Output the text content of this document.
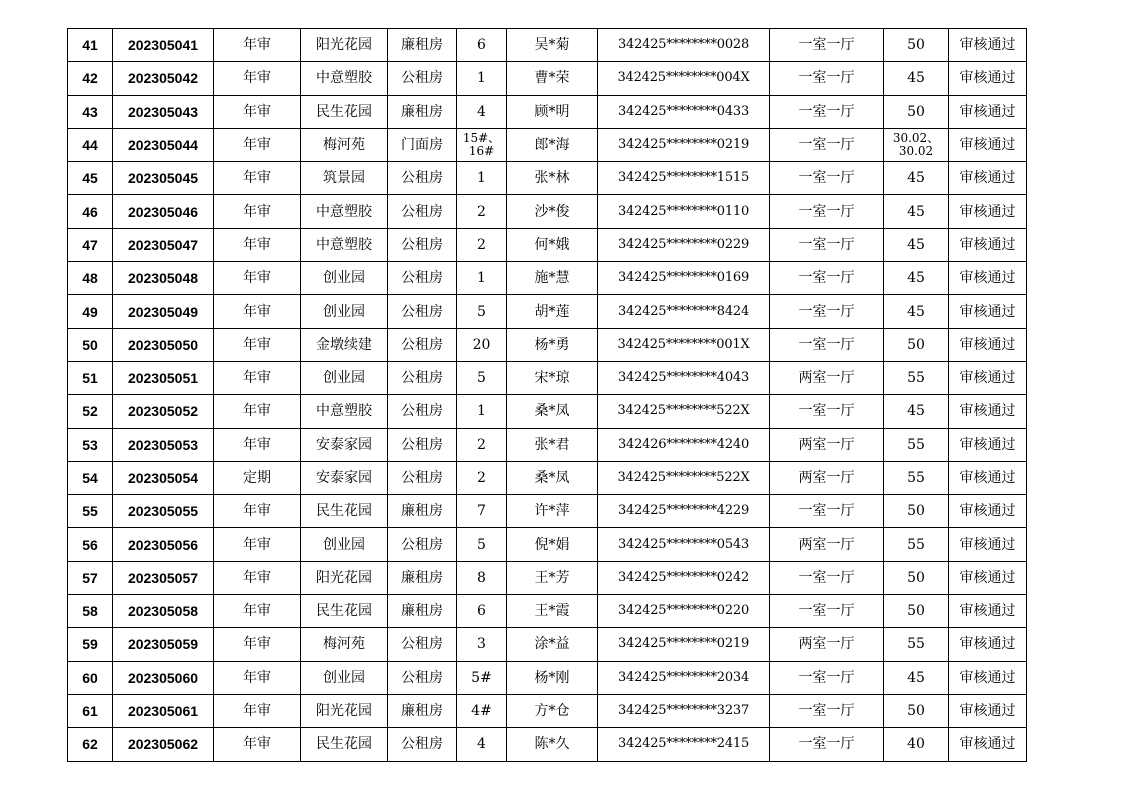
41	202305041	年审	阳光花园	廉租房	6	吴*菊	342425********0028	一室一厅	50	审核通过
42	202305042	年审	中意塑胶	公租房	1	曹*荣	342425********004X	一室一厅	45	审核通过
43	202305043	年审	民生花园	廉租房	4	顾*明	342425********0433	一室一厅	50	审核通过
44	202305044	年审	梅河苑	门面房	15#、16#	郎*海	342425********0219	一室一厅	30.02、30.02	审核通过
45	202305045	年审	筑景园	公租房	1	张*林	342425********1515	一室一厅	45	审核通过
46	202305046	年审	中意塑胶	公租房	2	沙*俊	342425********0110	一室一厅	45	审核通过
47	202305047	年审	中意塑胶	公租房	2	何*娥	342425********0229	一室一厅	45	审核通过
48	202305048	年审	创业园	公租房	1	施*慧	342425********0169	一室一厅	45	审核通过
49	202305049	年审	创业园	公租房	5	胡*莲	342425********8424	一室一厅	45	审核通过
50	202305050	年审	金墩续建	公租房	20	杨*勇	342425********001X	一室一厅	50	审核通过
51	202305051	年审	创业园	公租房	5	宋*琼	342425********4043	两室一厅	55	审核通过
52	202305052	年审	中意塑胶	公租房	1	桑*凤	342425********522X	一室一厅	45	审核通过
53	202305053	年审	安泰家园	公租房	2	张*君	342426********4240	两室一厅	55	审核通过
54	202305054	定期	安泰家园	公租房	2	桑*凤	342425********522X	两室一厅	55	审核通过
55	202305055	年审	民生花园	廉租房	7	许*萍	342425********4229	一室一厅	50	审核通过
56	202305056	年审	创业园	公租房	5	倪*娟	342425********0543	两室一厅	55	审核通过
57	202305057	年审	阳光花园	廉租房	8	王*芳	342425********0242	一室一厅	50	审核通过
58	202305058	年审	民生花园	廉租房	6	王*霞	342425********0220	一室一厅	50	审核通过
59	202305059	年审	梅河苑	公租房	3	涂*益	342425********0219	两室一厅	55	审核通过
60	202305060	年审	创业园	公租房	5#	杨*刚	342425********2034	一室一厅	45	审核通过
61	202305061	年审	阳光花园	廉租房	4#	方*仓	342425********3237	一室一厅	50	审核通过
62	202305062	年审	民生花园	公租房	4	陈*久	342425********2415	一室一厅	40	审核通过
